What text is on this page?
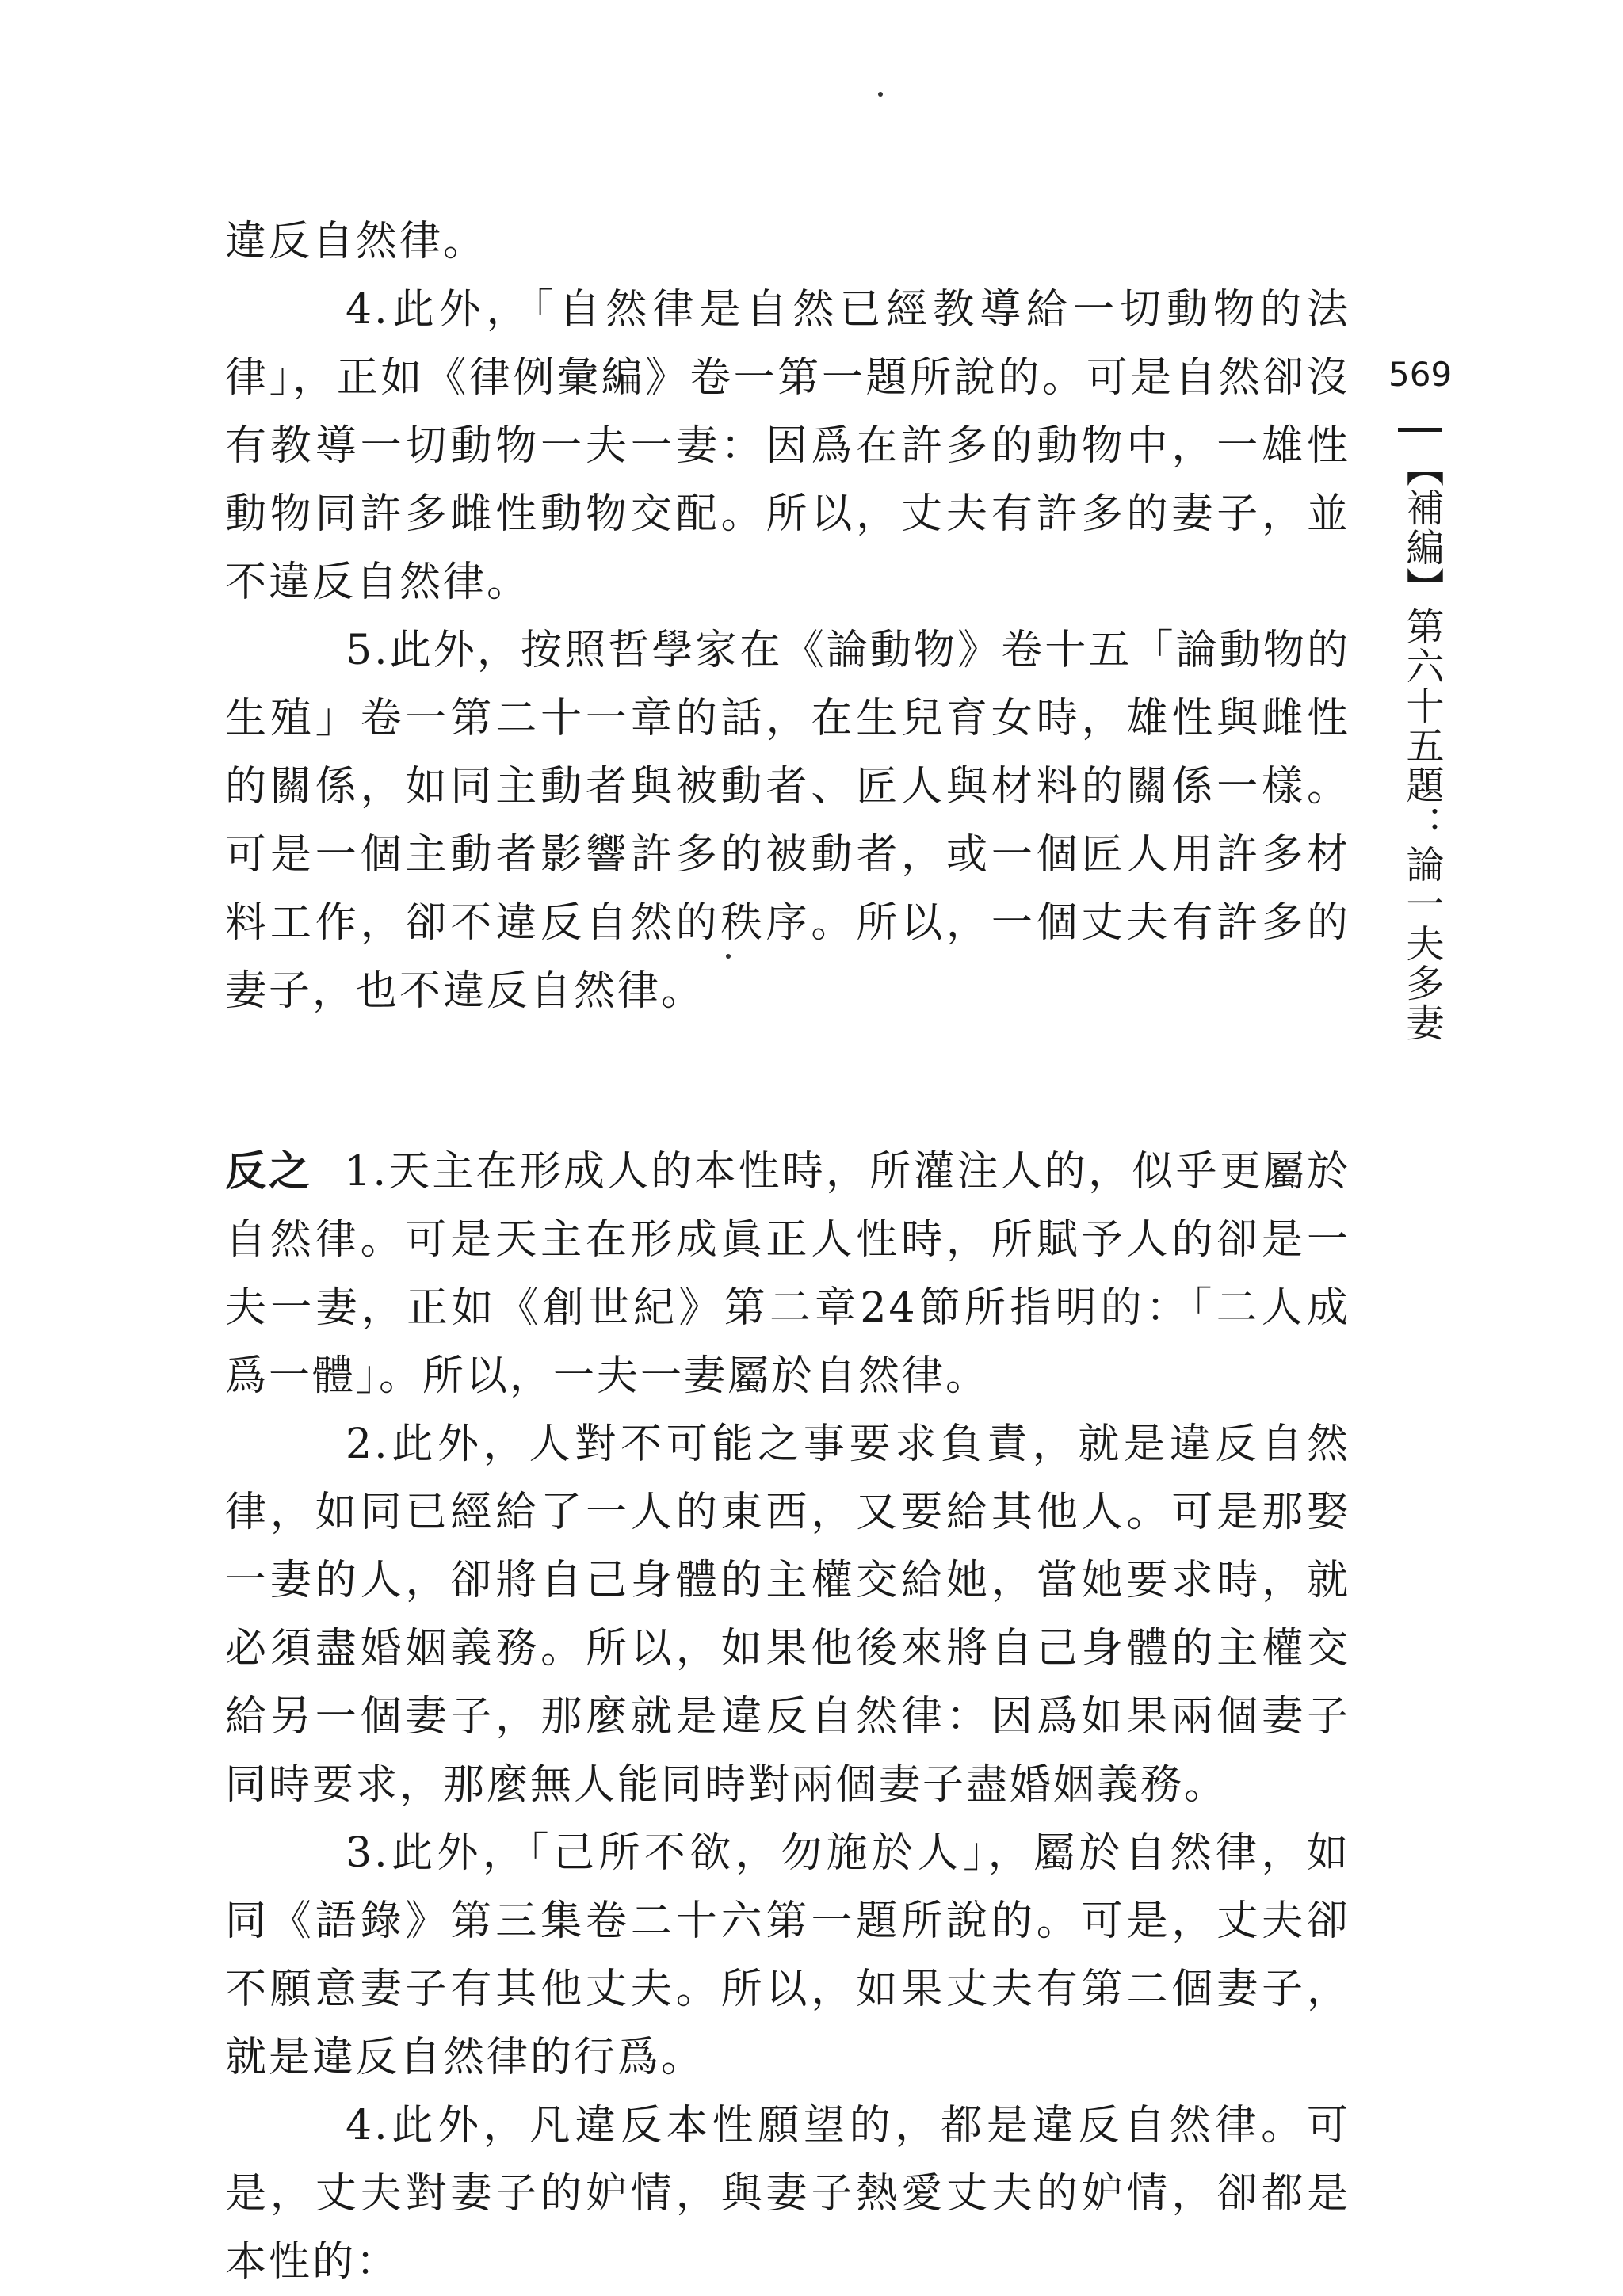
違反自然律。

4.此外，「自然律是自然已經教導給一切動物的法律」，正如《律例彙編》卷一第一題所說的。可是自然卻沒有教導一切動物一夫一妻：因爲在許多的動物中，一雄性動物同許多雌性動物交配。所以，丈夫有許多的妻子，並不違反自然律。

5.此外，按照哲學家在《論動物》卷十五「論動物的生殖」卷一第二十一章的話，在生兒育女時，雄性與雌性的關係，如同主動者與被動者、匠人與材料的關係一樣。可是一個主動者影響許多的被動者，或一個匠人用許多材料工作，卻不違反自然的秩序。所以，一個丈夫有許多的妻子，也不違反自然律。

反之 1.天主在形成人的本性時，所灌注人的，似乎更屬於自然律。可是天主在形成眞正人性時，所賦予人的卻是一夫一妻，正如《創世紀》第二章24節所指明的：「二人成爲一體」。所以，一夫一妻屬於自然律。

2.此外，人對不可能之事要求負責，就是違反自然律，如同已經給了一人的東西，又要給其他人。可是那娶一妻的人，卻將自己身體的主權交給她，當她要求時，就必須盡婚姻義務。所以，如果他後來將自己身體的主權交給另一個妻子，那麼就是違反自然律：因爲如果兩個妻子同時要求，那麼無人能同時對兩個妻子盡婚姻義務。

3.此外，「己所不欲，勿施於人」，屬於自然律，如同《語錄》第三集卷二十六第一題所說的。可是，丈夫卻不願意妻子有其他丈夫。所以，如果丈夫有第二個妻子，就是違反自然律的行爲。

4.此外，凡違反本性願望的，都是違反自然律。可是，丈夫對妻子的妒情，與妻子熱愛丈夫的妒情，卻都是本性的：

569
【補編】第六十五題：論一夫多妻
